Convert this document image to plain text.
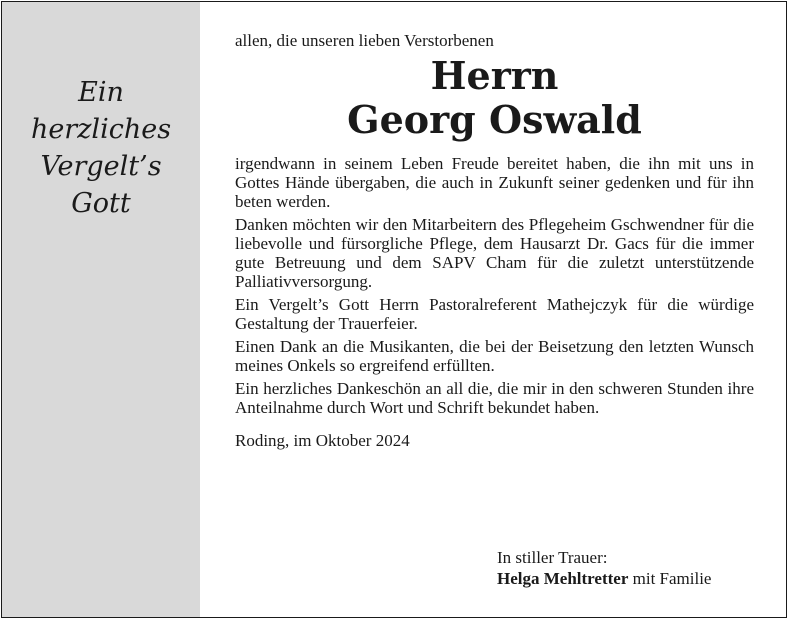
Ein
herzliches
Vergelt’s
Gott

allen, die unseren lieben Verstorbenen

Herrn
Georg Oswald

irgendwann in seinem Leben Freude bereitet haben, die ihn mit uns in Gottes Hände übergaben, die auch in Zukunft seiner gedenken und für ihn beten werden.

Danken möchten wir den Mitarbeitern des Pflegeheim Gschwendner für die liebevolle und fürsorgliche Pflege, dem Hausarzt Dr. Gacs für die immer gute Betreuung und dem SAPV Cham für die zuletzt unterstützende Palliativversorgung.

Ein Vergelt’s Gott Herrn Pastoralreferent Mathejczyk für die würdige Gestaltung der Trauerfeier.

Einen Dank an die Musikanten, die bei der Beisetzung den letzten Wunsch meines Onkels so ergreifend erfüllten.

Ein herzliches Dankeschön an all die, die mir in den schweren Stunden ihre Anteilnahme durch Wort und Schrift bekundet haben.

Roding, im Oktober 2024

In stiller Trauer:
Helga Mehltretter mit Familie
